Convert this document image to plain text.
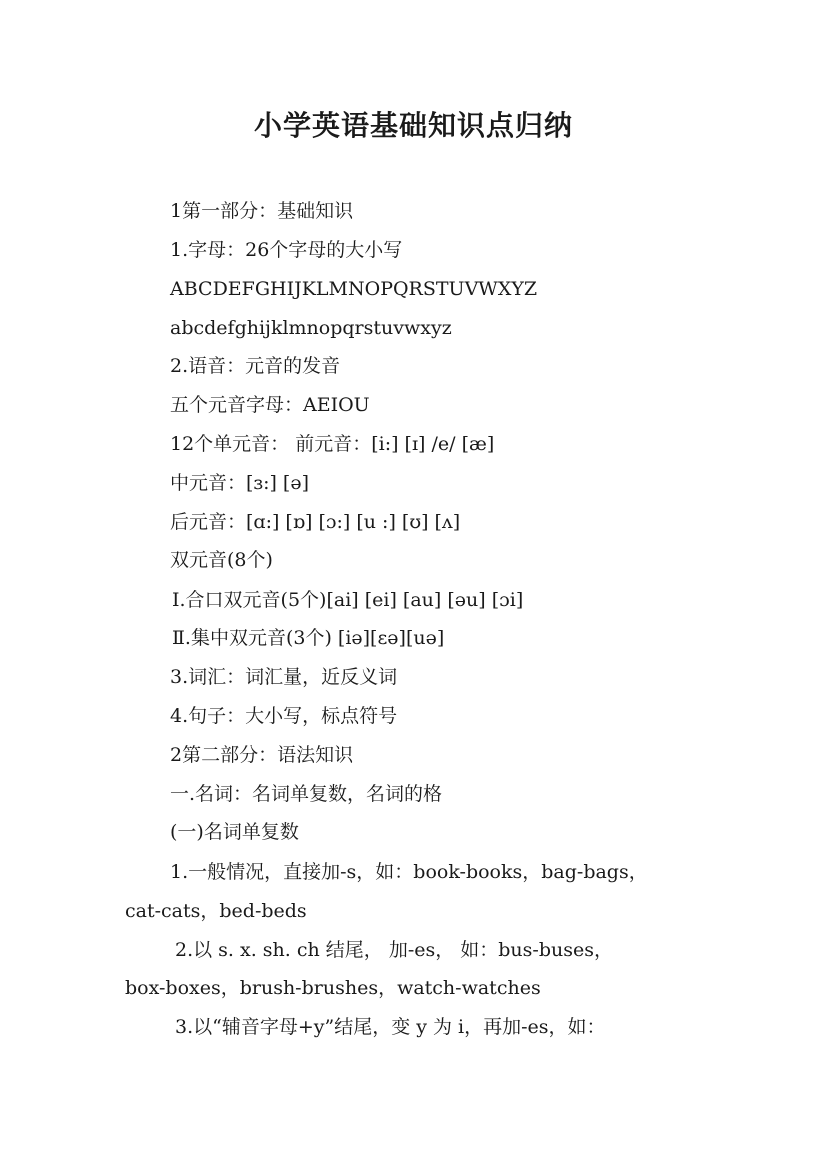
小学英语基础知识点归纳

1第一部分：基础知识

1.字母：26个字母的大小写

ABCDEFGHIJKLMNOPQRSTUVWXYZ

abcdefghijklmnopqrstuvwxyz

2.语音：元音的发音

五个元音字母：AEIOU

12个单元音： 前元音：[i:] [ɪ] /e/ [æ]

中元音：[ɜ:] [ə]

后元音：[ɑ:] [ɒ] [ɔ:] [u :] [ʊ] [ʌ]

双元音(8个)

Ⅰ.合口双元音(5个)[ai] [ei] [au] [əu] [ɔi]

Ⅱ.集中双元音(3个) [iə][ɛə][uə]

3.词汇：词汇量，近反义词

4.句子：大小写，标点符号

2第二部分：语法知识

一.名词：名词单复数，名词的格

(一)名词单复数

1.一般情况，直接加-s，如：book-books，bag-bags，

cat-cats，bed-beds

2.以 s. x. sh. ch 结尾， 加-es， 如：bus-buses，

box-boxes，brush-brushes，watch-watches

3.以“辅音字母+y”结尾，变 y 为 i，再加-es，如：
